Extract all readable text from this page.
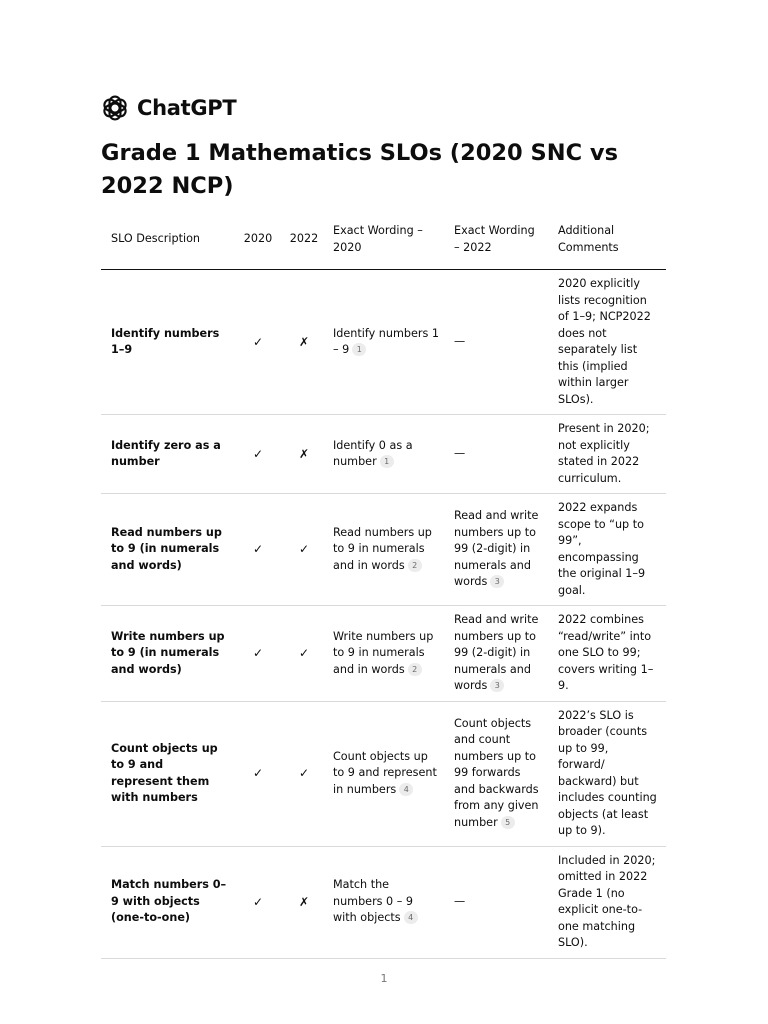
ChatGPT
Grade 1 Mathematics SLOs (2020 SNC vs 2022 NCP)
SLO Description	2020	2022	Exact Wording – 2020	Exact Wording – 2022	Additional Comments
Identify numbers 1–9	✓	✗	Identify numbers 1 – 9 1	—	2020 explicitly lists recognition of 1–9; NCP2022 does not separately list this (implied within larger SLOs).
Identify zero as a number	✓	✗	Identify 0 as a number 1	—	Present in 2020; not explicitly stated in 2022 curriculum.
Read numbers up to 9 (in numerals and words)	✓	✓	Read numbers up to 9 in numerals and in words 2	Read and write numbers up to 99 (2-digit) in numerals and words 3	2022 expands scope to “up to 99”, encompassing the original 1–9 goal.
Write numbers up to 9 (in numerals and words)	✓	✓	Write numbers up to 9 in numerals and in words 2	Read and write numbers up to 99 (2-digit) in numerals and words 3	2022 combines “read/write” into one SLO to 99; covers writing 1–9.
Count objects up to 9 and represent them with numbers	✓	✓	Count objects up to 9 and represent in numbers 4	Count objects and count numbers up to 99 forwards and backwards from any given number 5	2022’s SLO is broader (counts up to 99, forward/ backward) but includes counting objects (at least up to 9).
Match numbers 0–9 with objects (one-to-one)	✓	✗	Match the numbers 0 – 9 with objects 4	—	Included in 2020; omitted in 2022 Grade 1 (no explicit one-to-one matching SLO).
1
